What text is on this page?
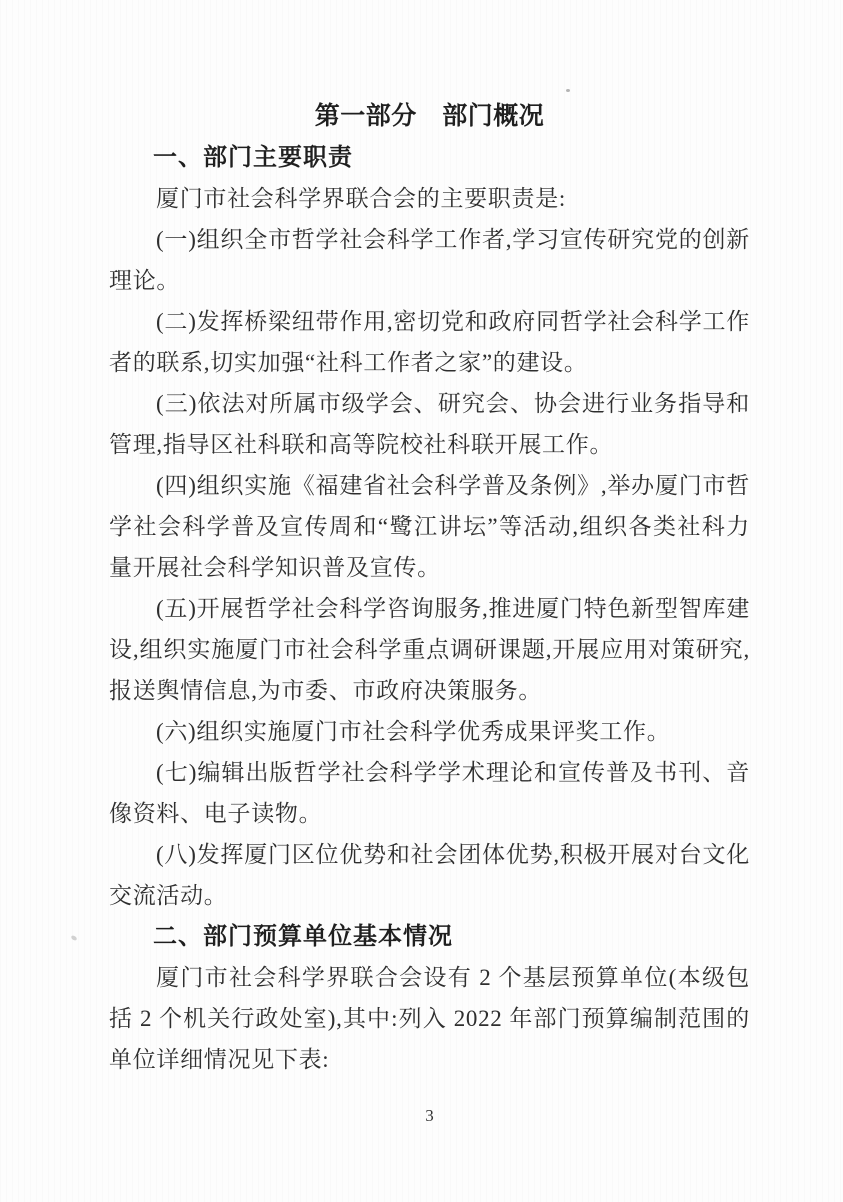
第一部分　部门概况
一、部门主要职责

厦门市社会科学界联合会的主要职责是:

(一)组织全市哲学社会科学工作者,学习宣传研究党的创新理论。

(二)发挥桥梁纽带作用,密切党和政府同哲学社会科学工作者的联系,切实加强“社科工作者之家”的建设。

(三)依法对所属市级学会、研究会、协会进行业务指导和管理,指导区社科联和高等院校社科联开展工作。

(四)组织实施《福建省社会科学普及条例》,举办厦门市哲学社会科学普及宣传周和“鹭江讲坛”等活动,组织各类社科力量开展社会科学知识普及宣传。

(五)开展哲学社会科学咨询服务,推进厦门特色新型智库建设,组织实施厦门市社会科学重点调研课题,开展应用对策研究,报送舆情信息,为市委、市政府决策服务。

(六)组织实施厦门市社会科学优秀成果评奖工作。

(七)编辑出版哲学社会科学学术理论和宣传普及书刊、音像资料、电子读物。

(八)发挥厦门区位优势和社会团体优势,积极开展对台文化交流活动。

二、部门预算单位基本情况

厦门市社会科学界联合会设有 2 个基层预算单位(本级包括 2 个机关行政处室),其中:列入 2022 年部门预算编制范围的单位详细情况见下表:

3
